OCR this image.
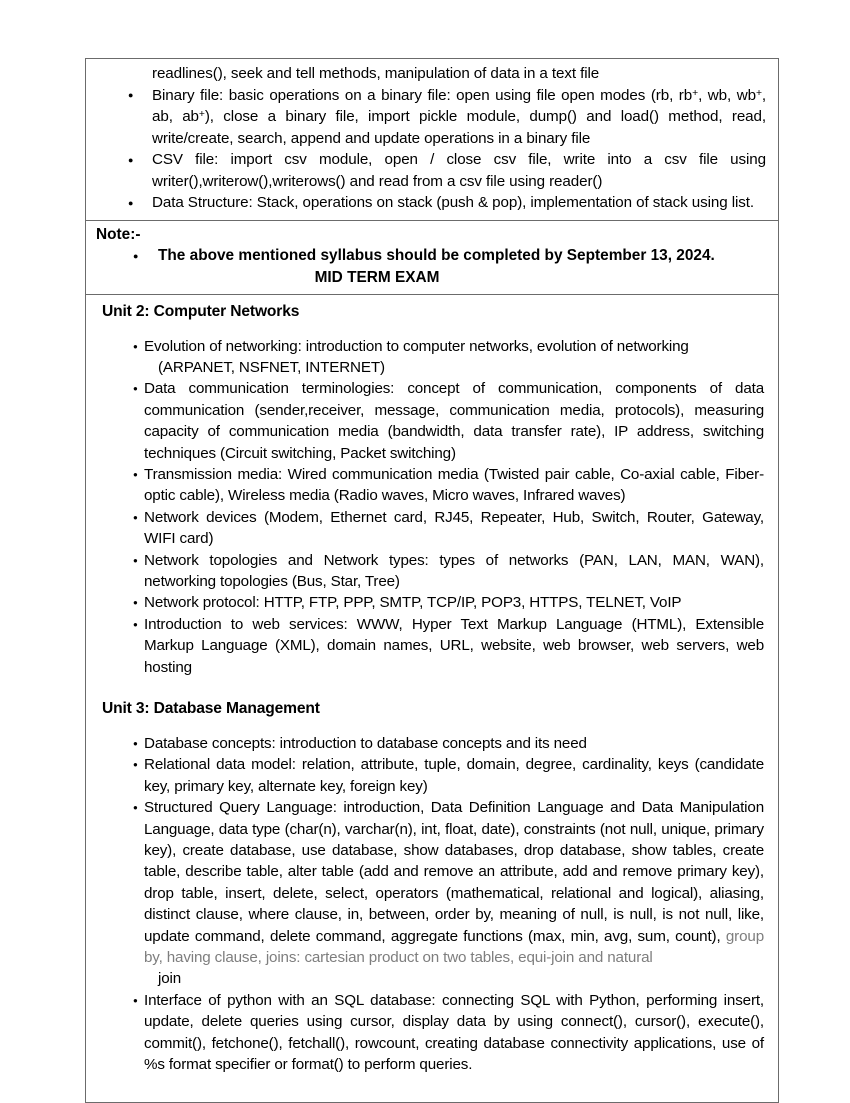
readlines(), seek and tell methods, manipulation of data in a text file

● Binary file: basic operations on a binary file: open using file open modes (rb, rb+, wb, wb+, ab, ab+), close a binary file, import pickle module, dump() and load() method, read, write/create, search, append and update operations in a binary file
● CSV file: import csv module, open / close csv file, write into a csv file using writer(),writerow(),writerows() and read from a csv file using reader()
● Data Structure: Stack, operations on stack (push & pop), implementation of stack using list.

Note:-

● The above mentioned syllabus should be completed by September 13, 2024.

MID TERM EXAM

Unit 2: Computer Networks
● Evolution of networking: introduction to computer networks, evolution of networking
(ARPANET, NSFNET, INTERNET)
● Data communication terminologies: concept of communication, components of data communication (sender,receiver, message, communication media, protocols), measuring capacity of communication media (bandwidth, data transfer rate), IP address, switching techniques (Circuit switching, Packet switching)
● Transmission media: Wired communication media (Twisted pair cable, Co-axial cable, Fiber-optic cable), Wireless media (Radio waves, Micro waves, Infrared waves)
● Network devices (Modem, Ethernet card, RJ45, Repeater, Hub, Switch, Router, Gateway, WIFI card)
● Network topologies and Network types: types of networks (PAN, LAN, MAN, WAN), networking topologies (Bus, Star, Tree)
● Network protocol: HTTP, FTP, PPP, SMTP, TCP/IP, POP3, HTTPS, TELNET, VoIP
● Introduction to web services: WWW, Hyper Text Markup Language (HTML), Extensible Markup Language (XML), domain names, URL, website, web browser, web servers, web hosting
Unit 3: Database Management
● Database concepts: introduction to database concepts and its need
● Relational data model: relation, attribute, tuple, domain, degree, cardinality, keys (candidate key, primary key, alternate key, foreign key)
● Structured Query Language: introduction, Data Definition Language and Data Manipulation Language, data type (char(n), varchar(n), int, float, date), constraints (not null, unique, primary key), create database, use database, show databases, drop database, show tables, create table, describe table, alter table (add and remove an attribute, add and remove primary key), drop table, insert, delete, select, operators (mathematical, relational and logical), aliasing, distinct clause, where clause, in, between, order by, meaning of null, is null, is not null, like, update command, delete command, aggregate functions (max, min, avg, sum, count), group by, having clause, joins: cartesian product on two tables, equi-join and natural
join
● Interface of python with an SQL database: connecting SQL with Python, performing insert, update, delete queries using cursor, display data by using connect(), cursor(), execute(), commit(), fetchone(), fetchall(), rowcount, creating database connectivity applications, use of %s format specifier or format() to perform queries.
